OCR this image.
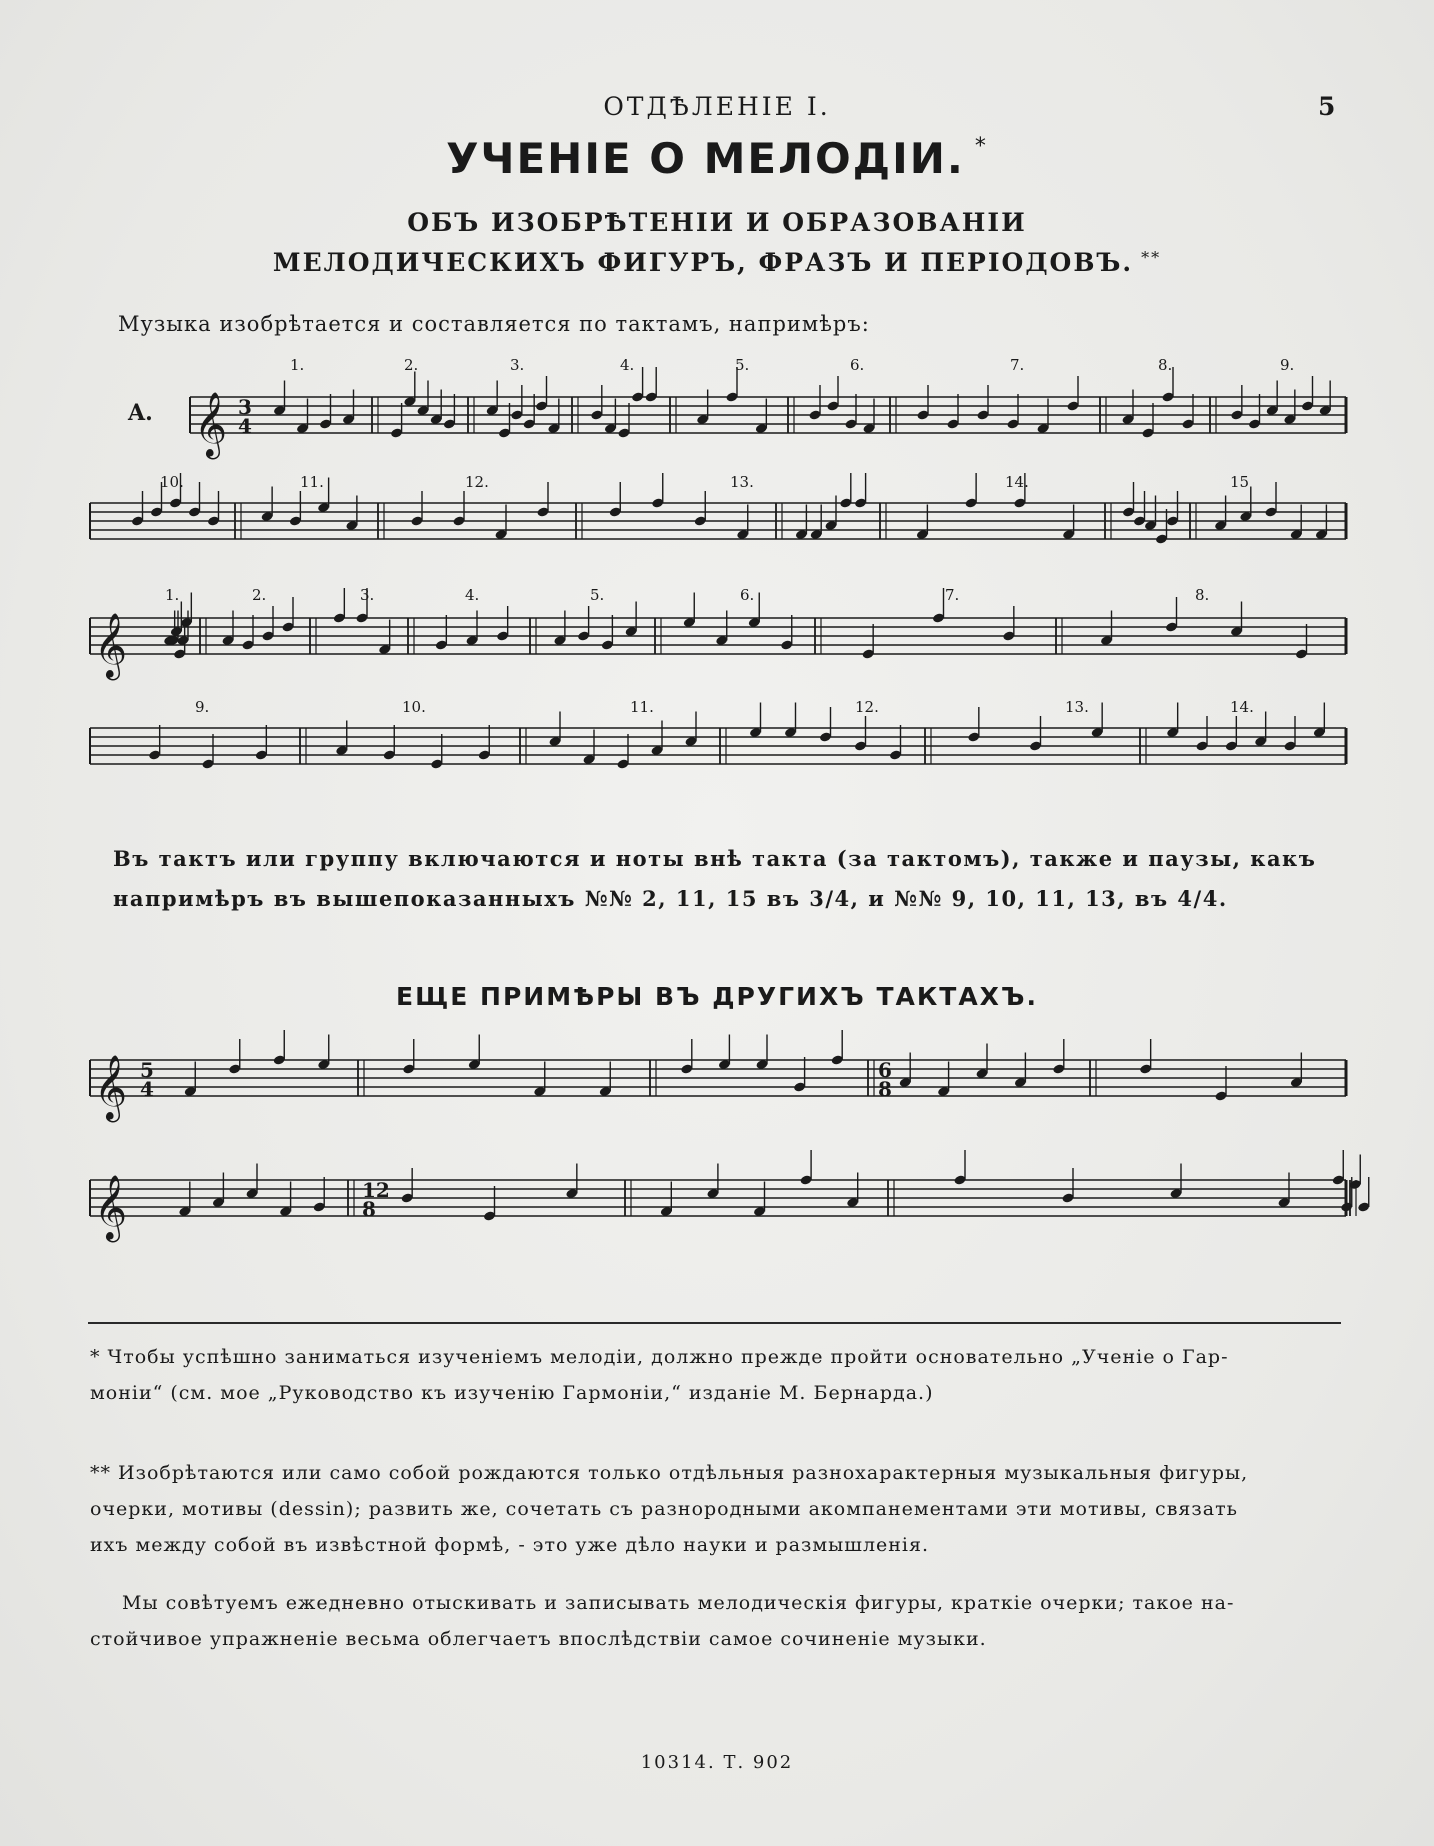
ОТДѢЛЕНІЕ I.	5
УЧЕНІЕ О МЕЛОДІИ. *
ОБЪ ИЗОБРѢТЕНІИ И ОБРАЗОВАНІИ
МЕЛОДИЧЕСКИХЪ ФИГУРЪ, ФРАЗЪ И ПЕРІОДОВЪ. **
Музыка изобрѣтается и составляется по тактамъ, напримѣръ:
A. 𝄞
𝄞
𝄞
𝄞
3
4
5
4
6
8
12
8
1.	2.	3.	4.	5.	6.	7.	8.	9.
10.	11.	12.	13.	14.	15
1.	2.	3.	4.	5.	6.	7.	8.
9.	10.	11.	12.	13.	14.
Въ тактъ или группу включаются и ноты внѣ такта (за тактомъ), также и паузы, какъ
напримѣръ въ вышепоказанныхъ №№ 2, 11, 15 въ 3/4, и №№ 9, 10, 11, 13, въ 4/4.
ЕЩЕ ПРИМѢРЫ ВЪ ДРУГИХЪ ТАКТАХЪ.
* Чтобы успѣшно заниматься изученіемъ мелодіи, должно прежде пройти основательно „Ученіе о Гар-
моніи“ (см. мое „Руководство къ изученію Гармоніи,“ изданіе М. Бернарда.)
** Изобрѣтаются или само собой рождаются только отдѣльныя разнохарактерныя музыкальныя фигуры,
очерки, мотивы (dessin); развить же, сочетать съ разнородными акомпанементами эти мотивы, связать
ихъ между собой въ извѣстной формѣ, - это уже дѣло науки и размышленія.
Мы совѣтуемъ ежедневно отыскивать и записывать мелодическія фигуры, краткіе очерки; такое на-
стойчивое упражненіе весьма облегчаетъ впослѣдствіи самое сочиненіе музыки.
10314. Т. 902
